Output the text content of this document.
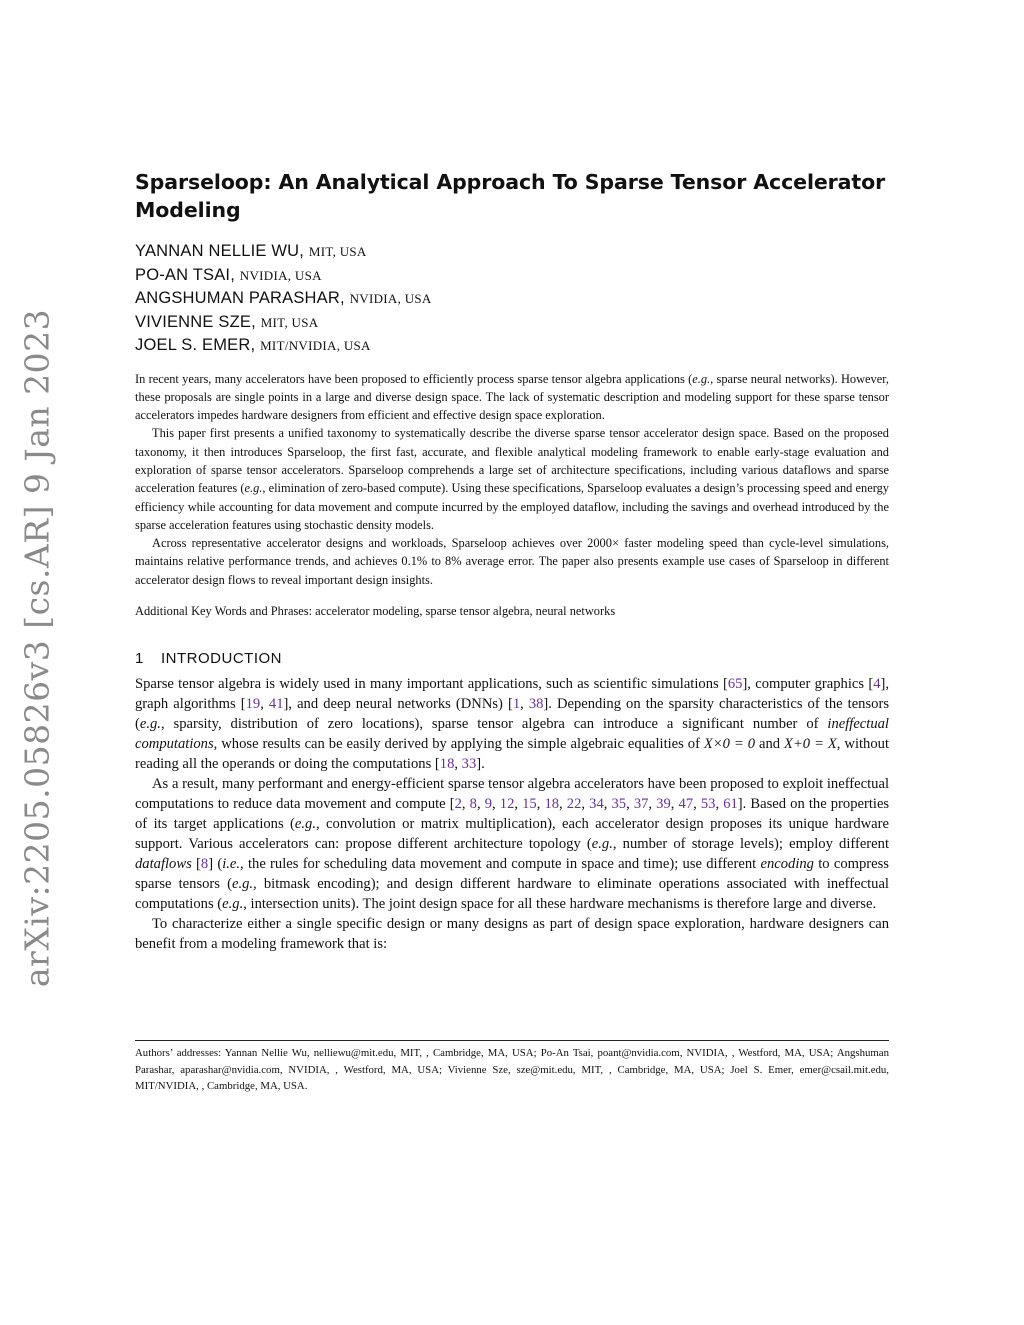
arXiv:2205.05826v3 [cs.AR] 9 Jan 2023
Sparseloop: An Analytical Approach To Sparse Tensor Accelerator Modeling
YANNAN NELLIE WU, MIT, USA
PO-AN TSAI, NVIDIA, USA
ANGSHUMAN PARASHAR, NVIDIA, USA
VIVIENNE SZE, MIT, USA
JOEL S. EMER, MIT/NVIDIA, USA

In recent years, many accelerators have been proposed to efficiently process sparse tensor algebra applications (e.g., sparse neural networks). However, these proposals are single points in a large and diverse design space. The lack of systematic description and modeling support for these sparse tensor accelerators impedes hardware designers from efficient and effective design space exploration.

This paper first presents a unified taxonomy to systematically describe the diverse sparse tensor accelerator design space. Based on the proposed taxonomy, it then introduces Sparseloop, the first fast, accurate, and flexible analytical modeling framework to enable early-stage evaluation and exploration of sparse tensor accelerators. Sparseloop comprehends a large set of architecture specifications, including various dataflows and sparse acceleration features (e.g., elimination of zero-based compute). Using these specifications, Sparseloop evaluates a design’s processing speed and energy efficiency while accounting for data movement and compute incurred by the employed dataflow, including the savings and overhead introduced by the sparse acceleration features using stochastic density models.

Across representative accelerator designs and workloads, Sparseloop achieves over 2000× faster modeling speed than cycle-level simulations, maintains relative performance trends, and achieves 0.1% to 8% average error. The paper also presents example use cases of Sparseloop in different accelerator design flows to reveal important design insights.

Additional Key Words and Phrases: accelerator modeling, sparse tensor algebra, neural networks
1 INTRODUCTION

Sparse tensor algebra is widely used in many important applications, such as scientific simulations [65], computer graphics [4], graph algorithms [19, 41], and deep neural networks (DNNs) [1, 38]. Depending on the sparsity characteristics of the tensors (e.g., sparsity, distribution of zero locations), sparse tensor algebra can introduce a significant number of ineffectual computations, whose results can be easily derived by applying the simple algebraic equalities of X×0 = 0 and X+0 = X, without reading all the operands or doing the computations [18, 33].

As a result, many performant and energy-efficient sparse tensor algebra accelerators have been proposed to exploit ineffectual computations to reduce data movement and compute [2, 8, 9, 12, 15, 18, 22, 34, 35, 37, 39, 47, 53, 61]. Based on the properties of its target applications (e.g., convolution or matrix multiplication), each accelerator design proposes its unique hardware support. Various accelerators can: propose different architecture topology (e.g., number of storage levels); employ different dataflows [8] (i.e., the rules for scheduling data movement and compute in space and time); use different encoding to compress sparse tensors (e.g., bitmask encoding); and design different hardware to eliminate operations associated with ineffectual computations (e.g., intersection units). The joint design space for all these hardware mechanisms is therefore large and diverse.

To characterize either a single specific design or many designs as part of design space exploration, hardware designers can benefit from a modeling framework that is:

Authors’ addresses: Yannan Nellie Wu, nelliewu@mit.edu, MIT, , Cambridge, MA, USA; Po-An Tsai, poant@nvidia.com, NVIDIA, , Westford, MA, USA; Angshuman Parashar, aparashar@nvidia.com, NVIDIA, , Westford, MA, USA; Vivienne Sze, sze@mit.edu, MIT, , Cambridge, MA, USA; Joel S. Emer, emer@csail.mit.edu, MIT/NVIDIA, , Cambridge, MA, USA.
